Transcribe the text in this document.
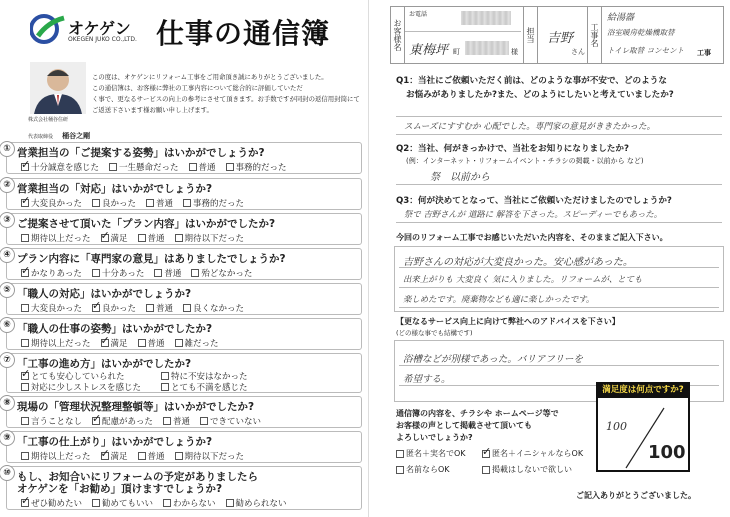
オケゲン
OKEGEN JUKO CO.,LTD. 仕事の通信簿
株式会社桶谷住研
代表取締役 桶谷之剛
この度は、オケゲンにリフォーム工事をご用命頂き誠にありがとうございました。
この通信簿は、お客様に弊社の工事内容について総合的に評価していただ
く事で、更なるサービスの向上の参考にさせて頂きます。お手数ですが同封の返信用封筒にて
ご返送下さいます様お願い申し上げます。
① 営業担当の「ご提案する姿勢」はいかがでしょうか?
✓
十分誠意を感じた 一生懸命だった 普通 事務的だった
② 営業担当の「対応」はいかがでしょうか?
✓
大変良かった 良かった 普通 事務的だった
③ ご提案させて頂いた「プラン内容」はいかがでしたか?
期待以上だった ✓ 満足 普通 期待以下だった
④ プラン内容に「専門家の意見」はありましたでしょうか?
✓
かなりあった 十分あった 普通 殆どなかった
⑤ 「職人の対応」はいかがでしょうか?
大変良かった ✓ 良かった 普通 良くなかった
⑥ 「職人の仕事の姿勢」はいかがでしたか?
期待以上だった ✓ 満足 普通 雑だった
⑦ 「工事の進め方」はいかがでしたか?
✓
とても安心していられた	特に不安はなかった
対応に少しストレスを感じた	とても不満を感じた
⑧ 現場の「管理状況整理整頓等」はいかがでしたか?
言うことなし ✓ 配慮があった 普通 できていない
⑨ 「工事の仕上がり」はいかがでしょうか?
期待以上だった ✓ 満足 普通 期待以下だった
⑩ もし、お知合いにリフォームの予定がありましたら
オケゲンを「お勧め」頂けますでしょうか?
✓
ぜひ勧めたい 勧めてもいい わからない 勧められない
お客様名
お電話
東梅坪 町	様
担当 吉野
さん
工事名
給湯器
浴室暖房乾燥機取替
トイレ取替 コンセント 工事
Q1：当社にご依頼いただく前は、どのような事が不安で、どのような
お悩みがありましたか?また、どのようにしたいと考えていましたか?
スムーズにすすむか 心配でした。専門家の意見がききたかった。
Q2：当社、何がきっかけで、当社をお知りになりましたか?
(例：インターネット・リフォームイベント・チラシの掲載・以前から など)
祭　以前から
Q3：何が決めてとなって、当社にご依頼いただけましたのでしょうか?
祭で 吉野さんが 道路に 解答を下さった。スピーディーでもあった。
今回のリフォーム工事でお感じいただいた内容を、そのままご記入下さい。
吉野さんの対応が大変良かった。安心感があった。
出来上がりも 大変良く 気に入りました。リフォームが、とても
楽しめたです。廃棄物なども適に楽しかったです。
【更なるサービス向上に向けて弊社へのアドバイスを下さい】
(どの様な事でも結構です)
浴槽などが別様であった。バリアフリーを
希望する。
通信簿の内容を、チラシや ホームページ等で
お客様の声として掲載させて頂いても
よろしいでしょうか?
匿名＋実名でOK ✓	匿名＋イニシャルならOK
名前ならOK	掲載はしないで欲しい
満足度は何点ですか?
100
100
ご記入ありがとうございました。
